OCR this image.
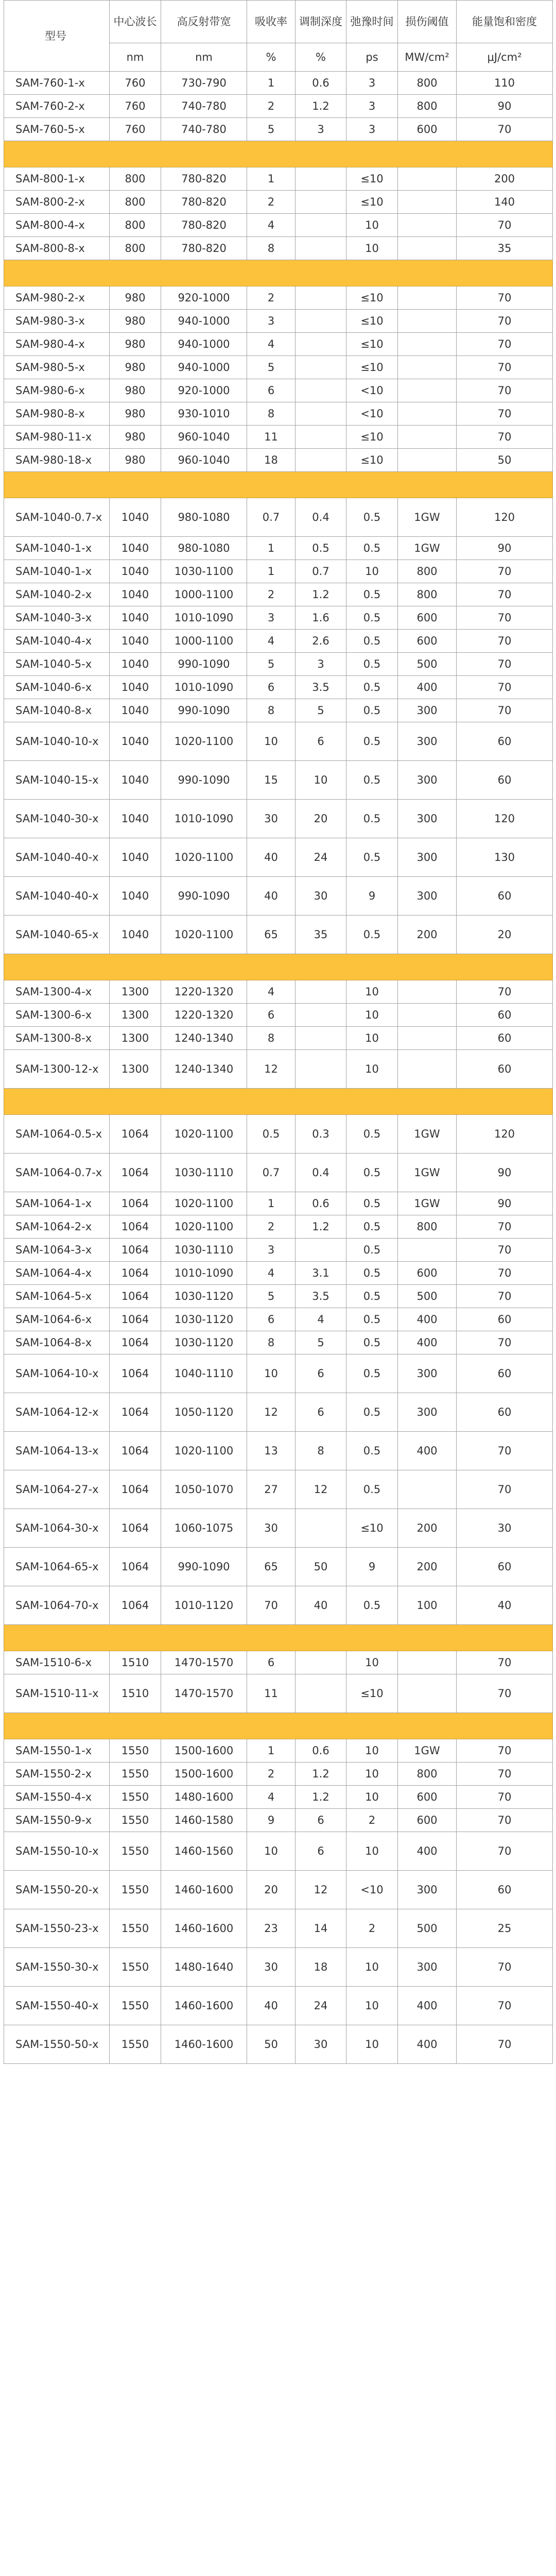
型号	中心波长	高反射带宽	吸收率	调制深度	弛豫时间	损伤阈值	能量饱和密度
	nm	nm	%	%	ps	MW/cm²	μJ/cm²
SAM-760-1-x	760	730-790	1	0.6	3	800	110
SAM-760-2-x	760	740-780	2	1.2	3	800	90
SAM-760-5-x	760	740-780	5	3	3	600	70

SAM-800-1-x	800	780-820	1		≤10		200
SAM-800-2-x	800	780-820	2		≤10		140
SAM-800-4-x	800	780-820	4		10		70
SAM-800-8-x	800	780-820	8		10		35

SAM-980-2-x	980	920-1000	2		≤10		70
SAM-980-3-x	980	940-1000	3		≤10		70
SAM-980-4-x	980	940-1000	4		≤10		70
SAM-980-5-x	980	940-1000	5		≤10		70
SAM-980-6-x	980	920-1000	6		<10		70
SAM-980-8-x	980	930-1010	8		<10		70
SAM-980-11-x	980	960-1040	11		≤10		70
SAM-980-18-x	980	960-1040	18		≤10		50

SAM-1040-0.7-x	1040	980-1080	0.7	0.4	0.5	1GW	120
SAM-1040-1-x	1040	980-1080	1	0.5	0.5	1GW	90
SAM-1040-1-x	1040	1030-1100	1	0.7	10	800	70
SAM-1040-2-x	1040	1000-1100	2	1.2	0.5	800	70
SAM-1040-3-x	1040	1010-1090	3	1.6	0.5	600	70
SAM-1040-4-x	1040	1000-1100	4	2.6	0.5	600	70
SAM-1040-5-x	1040	990-1090	5	3	0.5	500	70
SAM-1040-6-x	1040	1010-1090	6	3.5	0.5	400	70
SAM-1040-8-x	1040	990-1090	8	5	0.5	300	70
SAM-1040-10-x	1040	1020-1100	10	6	0.5	300	60
SAM-1040-15-x	1040	990-1090	15	10	0.5	300	60
SAM-1040-30-x	1040	1010-1090	30	20	0.5	300	120
SAM-1040-40-x	1040	1020-1100	40	24	0.5	300	130
SAM-1040-40-x	1040	990-1090	40	30	9	300	60
SAM-1040-65-x	1040	1020-1100	65	35	0.5	200	20

SAM-1300-4-x	1300	1220-1320	4		10		70
SAM-1300-6-x	1300	1220-1320	6		10		60
SAM-1300-8-x	1300	1240-1340	8		10		60
SAM-1300-12-x	1300	1240-1340	12		10		60

SAM-1064-0.5-x	1064	1020-1100	0.5	0.3	0.5	1GW	120
SAM-1064-0.7-x	1064	1030-1110	0.7	0.4	0.5	1GW	90
SAM-1064-1-x	1064	1020-1100	1	0.6	0.5	1GW	90
SAM-1064-2-x	1064	1020-1100	2	1.2	0.5	800	70
SAM-1064-3-x	1064	1030-1110	3		0.5		70
SAM-1064-4-x	1064	1010-1090	4	3.1	0.5	600	70
SAM-1064-5-x	1064	1030-1120	5	3.5	0.5	500	70
SAM-1064-6-x	1064	1030-1120	6	4	0.5	400	60
SAM-1064-8-x	1064	1030-1120	8	5	0.5	400	70
SAM-1064-10-x	1064	1040-1110	10	6	0.5	300	60
SAM-1064-12-x	1064	1050-1120	12	6	0.5	300	60
SAM-1064-13-x	1064	1020-1100	13	8	0.5	400	70
SAM-1064-27-x	1064	1050-1070	27	12	0.5		70
SAM-1064-30-x	1064	1060-1075	30		≤10	200	30
SAM-1064-65-x	1064	990-1090	65	50	9	200	60
SAM-1064-70-x	1064	1010-1120	70	40	0.5	100	40

SAM-1510-6-x	1510	1470-1570	6		10		70
SAM-1510-11-x	1510	1470-1570	11		≤10		70

SAM-1550-1-x	1550	1500-1600	1	0.6	10	1GW	70
SAM-1550-2-x	1550	1500-1600	2	1.2	10	800	70
SAM-1550-4-x	1550	1480-1600	4	1.2	10	600	70
SAM-1550-9-x	1550	1460-1580	9	6	2	600	70
SAM-1550-10-x	1550	1460-1560	10	6	10	400	70
SAM-1550-20-x	1550	1460-1600	20	12	<10	300	60
SAM-1550-23-x	1550	1460-1600	23	14	2	500	25
SAM-1550-30-x	1550	1480-1640	30	18	10	300	70
SAM-1550-40-x	1550	1460-1600	40	24	10	400	70
SAM-1550-50-x	1550	1460-1600	50	30	10	400	70
